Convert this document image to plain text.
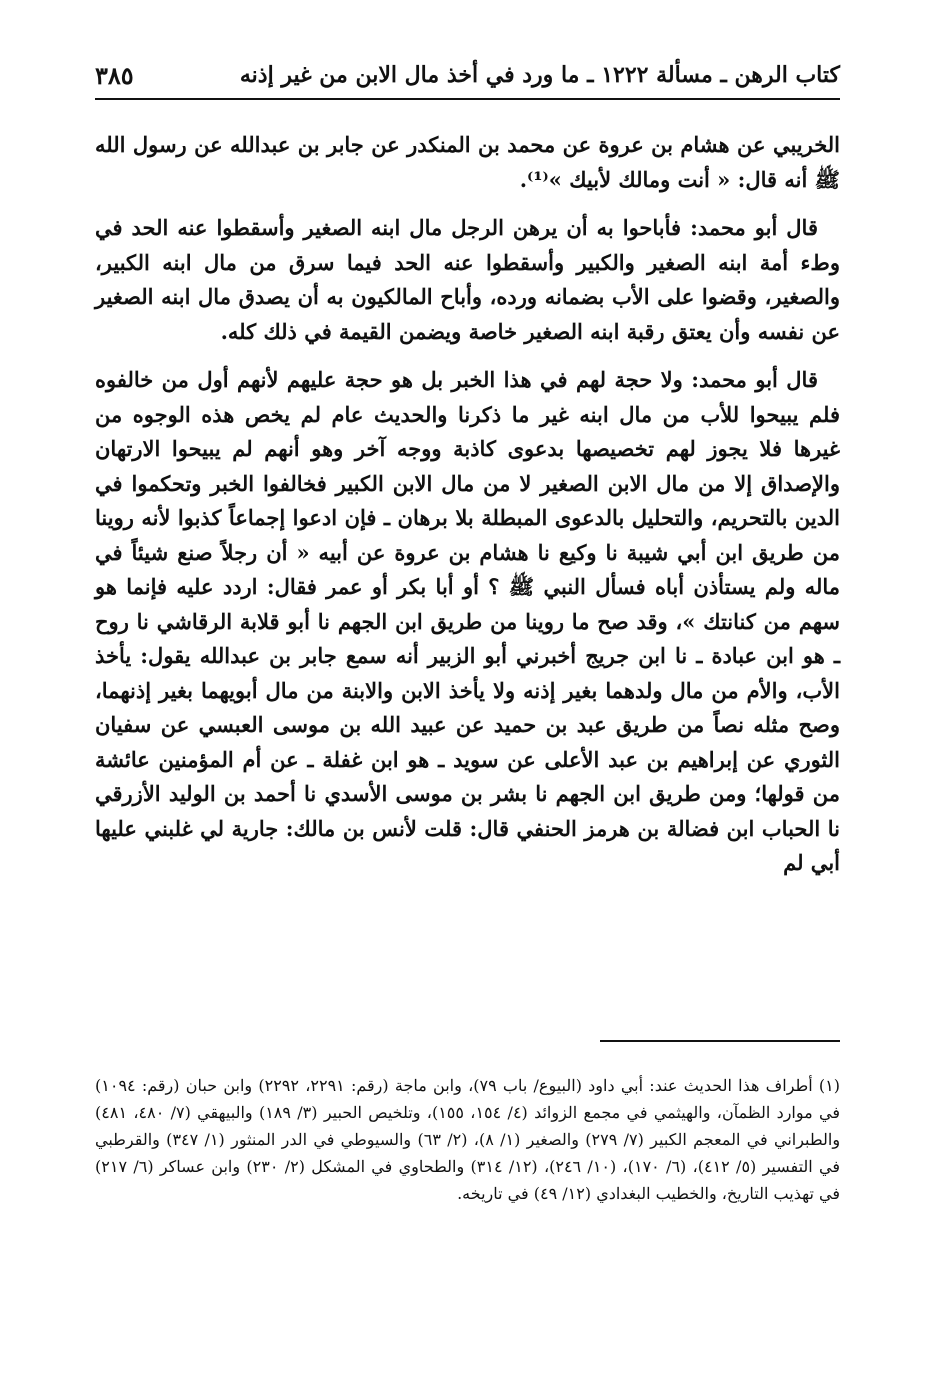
كتاب الرهن ـ مسألة ١٢٢٢ ـ ما ورد في أخذ مال الابن من غير إذنه
٣٨٥

الخريبي عن هشام بن عروة عن محمد بن المنكدر عن جابر بن عبدالله عن رسول الله ﷺ أنه قال: « أنت ومالك لأبيك »⁽¹⁾.

قال أبو محمد: فأباحوا به أن يرهن الرجل مال ابنه الصغير وأسقطوا عنه الحد في وطء أمة ابنه الصغير والكبير وأسقطوا عنه الحد فيما سرق من مال ابنه الكبير، والصغير، وقضوا على الأب بضمانه ورده، وأباح المالكيون به أن يصدق مال ابنه الصغير عن نفسه وأن يعتق رقبة ابنه الصغير خاصة ويضمن القيمة في ذلك كله.

قال أبو محمد: ولا حجة لهم في هذا الخبر بل هو حجة عليهم لأنهم أول من خالفوه فلم يبيحوا للأب من مال ابنه غير ما ذكرنا والحديث عام لم يخص هذه الوجوه من غيرها فلا يجوز لهم تخصيصها بدعوى كاذبة ووجه آخر وهو أنهم لم يبيحوا الارتهان والإصداق إلا من مال الابن الصغير لا من مال الابن الكبير فخالفوا الخبر وتحكموا في الدين بالتحريم، والتحليل بالدعوى المبطلة بلا برهان ـ فإن ادعوا إجماعاً كذبوا لأنه روينا من طريق ابن أبي شيبة نا وكيع نا هشام بن عروة عن أبيه « أن رجلاً صنع شيئاً في ماله ولم يستأذن أباه فسأل النبي ﷺ ؟ أو أبا بكر أو عمر فقال: اردد عليه فإنما هو سهم من كنانتك »، وقد صح ما روينا من طريق ابن الجهم نا أبو قلابة الرقاشي نا روح ـ هو ابن عبادة ـ نا ابن جريج أخبرني أبو الزبير أنه سمع جابر بن عبدالله يقول: يأخذ الأب، والأم من مال ولدهما بغير إذنه ولا يأخذ الابن والابنة من مال أبويهما بغير إذنهما، وصح مثله نصاً من طريق عبد بن حميد عن عبيد الله بن موسى العبسي عن سفيان الثوري عن إبراهيم بن عبد الأعلى عن سويد ـ هو ابن غفلة ـ عن أم المؤمنين عائشة من قولها؛ ومن طريق ابن الجهم نا بشر بن موسى الأسدي نا أحمد بن الوليد الأزرقي نا الحباب ابن فضالة بن هرمز الحنفي قال: قلت لأنس بن مالك: جارية لي غلبني عليها أبي لم

(١) أطراف هذا الحديث عند: أبي داود (البيوع/ باب ٧٩)، وابن ماجة (رقم: ٢٢٩١، ٢٢٩٢) وابن حبان (رقم: ١٠٩٤) في موارد الظمآن، والهيثمي في مجمع الزوائد (٤/ ١٥٤، ١٥٥)، وتلخيص الحبير (٣/ ١٨٩) والبيهقي (٧/ ٤٨٠، ٤٨١) والطبراني في المعجم الكبير (٧/ ٢٧٩) والصغير (١/ ٨)، (٢/ ٦٣) والسيوطي في الدر المنثور (١/ ٣٤٧) والقرطبي في التفسير (٥/ ٤١٢)، (٦/ ١٧٠)، (١٠/ ٢٤٦)، (١٢/ ٣١٤) والطحاوي في المشكل (٢/ ٢٣٠) وابن عساكر (٦/ ٢١٧) في تهذيب التاريخ، والخطيب البغدادي (١٢/ ٤٩) في تاريخه.
